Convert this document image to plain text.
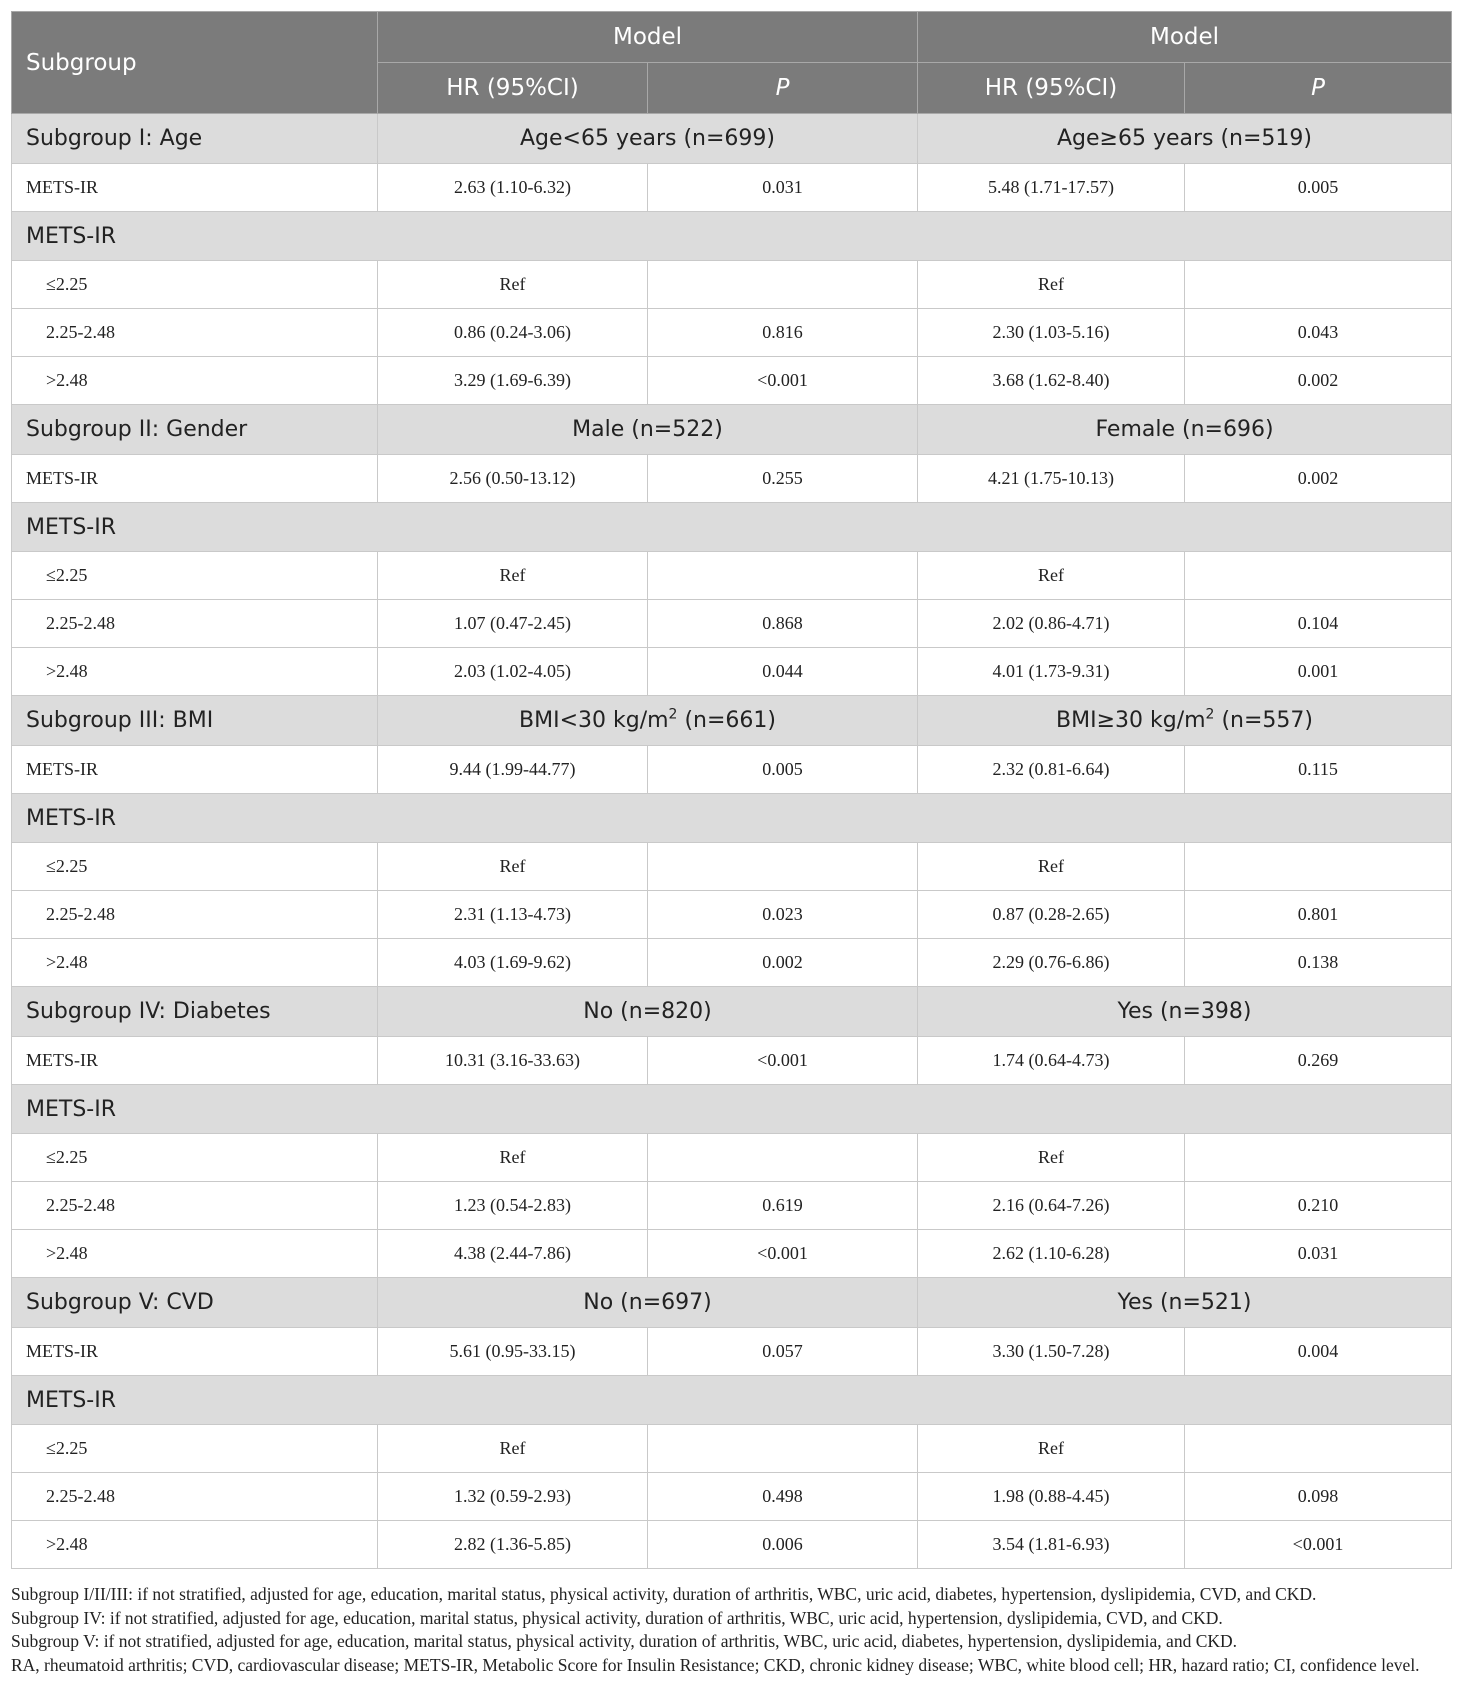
Subgroup	Model		Model	
	HR (95%CI)	P	HR (95%CI)	P
Subgroup I: Age	Age<65 years (n=699)		Age≥65 years (n=519)	
METS-IR	2.63 (1.10-6.32)	0.031	5.48 (1.71-17.57)	0.005
METS-IR				
≤2.25	Ref		Ref	
2.25-2.48	0.86 (0.24-3.06)	0.816	2.30 (1.03-5.16)	0.043
>2.48	3.29 (1.69-6.39)	<0.001	3.68 (1.62-8.40)	0.002
Subgroup II: Gender	Male (n=522)		Female (n=696)	
METS-IR	2.56 (0.50-13.12)	0.255	4.21 (1.75-10.13)	0.002
METS-IR				
≤2.25	Ref		Ref	
2.25-2.48	1.07 (0.47-2.45)	0.868	2.02 (0.86-4.71)	0.104
>2.48	2.03 (1.02-4.05)	0.044	4.01 (1.73-9.31)	0.001
Subgroup III: BMI	BMI<30 $kg/m^2$ (n=661)		BMI≥30 $kg/m^2$ (n=557)	
METS-IR	9.44 (1.99-44.77)	0.005	2.32 (0.81-6.64)	0.115
METS-IR				
≤2.25	Ref		Ref	
2.25-2.48	2.31 (1.13-4.73)	0.023	0.87 (0.28-2.65)	0.801
>2.48	4.03 (1.69-9.62)	0.002	2.29 (0.76-6.86)	0.138
Subgroup IV: Diabetes	No (n=820)		Yes (n=398)	
METS-IR	10.31 (3.16-33.63)	<0.001	1.74 (0.64-4.73)	0.269
METS-IR				
≤2.25	Ref		Ref	
2.25-2.48	1.23 (0.54-2.83)	0.619	2.16 (0.64-7.26)	0.210
>2.48	4.38 (2.44-7.86)	<0.001	2.62 (1.10-6.28)	0.031
Subgroup V: CVD	No (n=697)		Yes (n=521)	
METS-IR	5.61 (0.95-33.15)	0.057	3.30 (1.50-7.28)	0.004
METS-IR				
≤2.25	Ref		Ref	
2.25-2.48	1.32 (0.59-2.93)	0.498	1.98 (0.88-4.45)	0.098
>2.48	2.82 (1.36-5.85)	0.006	3.54 (1.81-6.93)	<0.001

Subgroup I/II/III: if not stratified, adjusted for age, education, marital status, physical activity, duration of arthritis, WBC, uric acid, diabetes, hypertension, dyslipidemia, CVD, and CKD.

Subgroup IV: if not stratified, adjusted for age, education, marital status, physical activity, duration of arthritis, WBC, uric acid, hypertension, dyslipidemia, CVD, and CKD.

Subgroup V: if not stratified, adjusted for age, education, marital status, physical activity, duration of arthritis, WBC, uric acid, diabetes, hypertension, dyslipidemia, and CKD.

RA, rheumatoid arthritis; CVD, cardiovascular disease; METS-IR, Metabolic Score for Insulin Resistance; CKD, chronic kidney disease; WBC, white blood cell; HR, hazard ratio; CI, confidence level.
